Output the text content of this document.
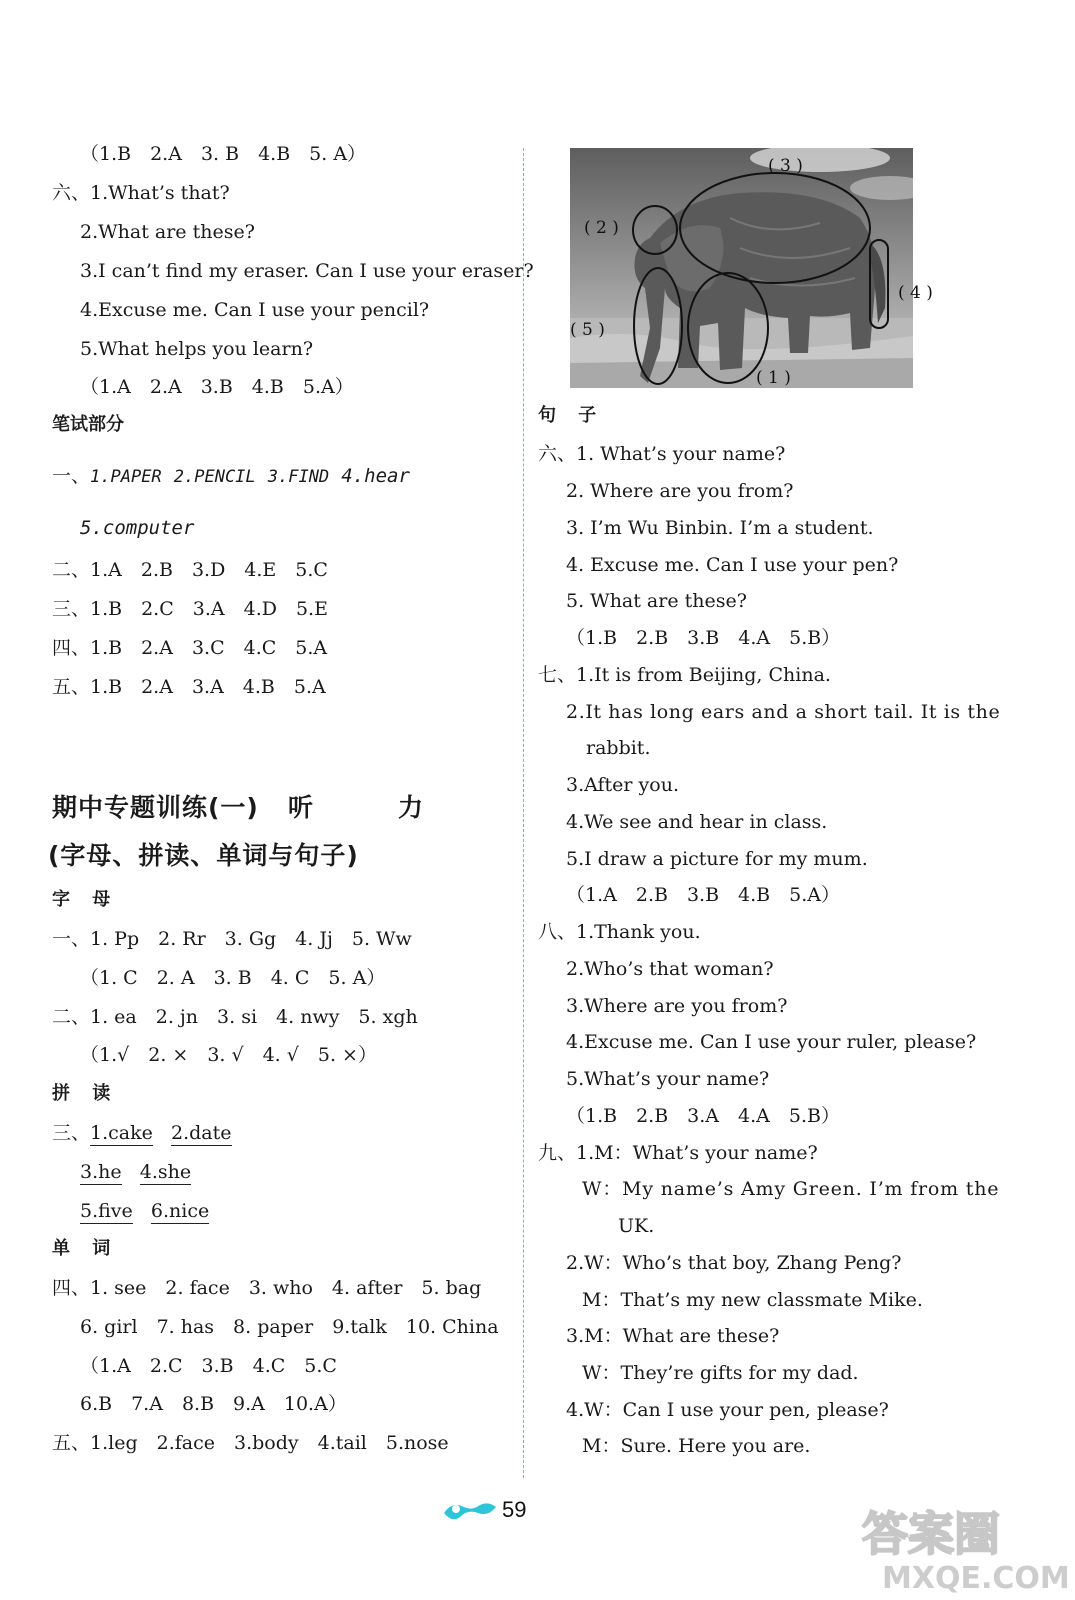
（1.B　2.A　3. B　4.B　5. A）
六、1.What’s that?
2.What are these?
3.I can’t find my eraser. Can I use your eraser?
4.Excuse me. Can I use your pencil?
5.What helps you learn?
（1.A　2.A　3.B　4.B　5.A）
笔试部分
一、1.PAPER 2.PENCIL 3.FIND 4.hear
5.computer
二、1.A　2.B　3.D　4.E　5.C
三、1.B　2.C　3.A　4.D　5.E
四、1.B　2.A　3.C　4.C　5.A
五、1.B　2.A　3.A　4.B　5.A
期中专题训练(一) 听　力
(字母、拼读、单词与句子)
字 母
一、1. Pp　2. Rr　3. Gg　4. Jj　5. Ww
（1. C　2. A　3. B　4. C　5. A）
二、1. ea　2. jn　3. si　4. nwy　5. xgh
（1.√　2. ×　3. √　4. √　5. ×）
拼 读
三、1.cake 2.date
3.he 4.she
5.five 6.nice
单 词
四、1. see　2. face　3. who　4. after　5. bag
6. girl　7. has　8. paper　9.talk　10. China
（1.A　2.C　3.B　4.C　5.C
6.B　7.A　8.B　9.A　10.A）
五、1.leg　2.face　3.body　4.tail　5.nose
( 3 )
( 2 )
( 4 )
( 5 )
( 1 )
句 子
六、1. What’s your name?
2. Where are you from?
3. I’m Wu Binbin. I’m a student.
4. Excuse me. Can I use your pen?
5. What are these?
（1.B　2.B　3.B　4.A　5.B）
七、1.It is from Beijing, China.
2.It has long ears and a short tail. It is the
rabbit.
3.After you.
4.We see and hear in class.
5.I draw a picture for my mum.
（1.A　2.B　3.B　4.B　5.A）
八、1.Thank you.
2.Who’s that woman?
3.Where are you from?
4.Excuse me. Can I use your ruler, please?
5.What’s your name?
（1.B　2.B　3.A　4.A　5.B）
九、1.M：What’s your name?
W：My name’s Amy Green. I’m from the
UK.
2.W：Who’s that boy, Zhang Peng?
M：That’s my new classmate Mike.
3.M：What are these?
W：They’re gifts for my dad.
4.W：Can I use your pen, please?
M：Sure. Here you are.
59	答案圈
MXQE.COM
